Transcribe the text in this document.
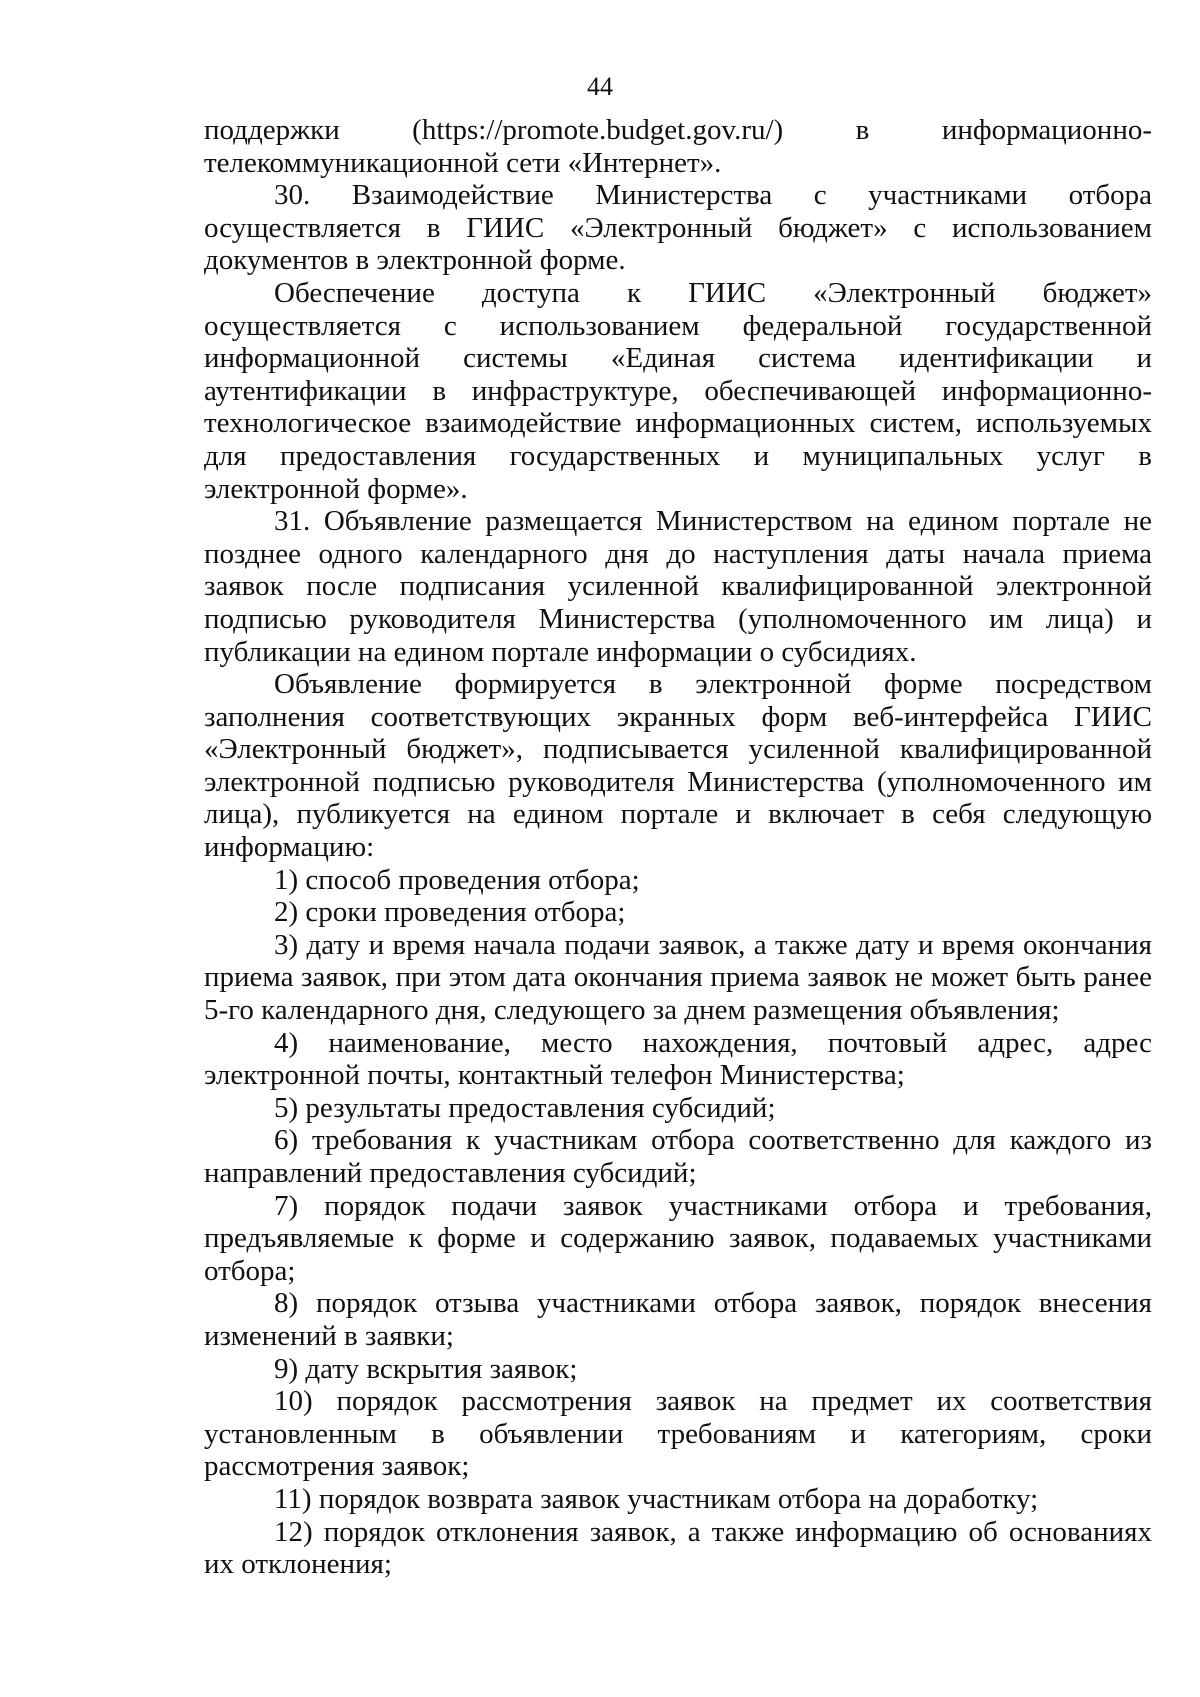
44

поддержки (https://promote.budget.gov.ru/) в информационно-телекоммуникационной сети «Интернет».

30. Взаимодействие Министерства с участниками отбора осуществляется в ГИИС «Электронный бюджет» с использованием документов в электронной форме.

Обеспечение доступа к ГИИС «Электронный бюджет» осуществляется с использованием федеральной государственной информационной системы «Единая система идентификации и аутентификации в инфраструктуре, обеспечивающей информационно-технологическое взаимодействие информационных систем, используемых для предоставления государственных и муниципальных услуг в электронной форме».

31. Объявление размещается Министерством на едином портале не позднее одного календарного дня до наступления даты начала приема заявок после подписания усиленной квалифицированной электронной подписью руководителя Министерства (уполномоченного им лица) и публикации на едином портале информации о субсидиях.

Объявление формируется в электронной форме посредством заполнения соответствующих экранных форм веб-интерфейса ГИИС «Электронный бюджет», подписывается усиленной квалифицированной электронной подписью руководителя Министерства (уполномоченного им лица), публикуется на едином портале и включает в себя следующую информацию:

1) способ проведения отбора;

2) сроки проведения отбора;

3) дату и время начала подачи заявок, а также дату и время окончания приема заявок, при этом дата окончания приема заявок не может быть ранее 5-го календарного дня, следующего за днем размещения объявления;

4) наименование, место нахождения, почтовый адрес, адрес электронной почты, контактный телефон Министерства;

5) результаты предоставления субсидий;

6) требования к участникам отбора соответственно для каждого из направлений предоставления субсидий;

7) порядок подачи заявок участниками отбора и требования, предъявляемые к форме и содержанию заявок, подаваемых участниками отбора;

8) порядок отзыва участниками отбора заявок, порядок внесения изменений в заявки;

9) дату вскрытия заявок;

10) порядок рассмотрения заявок на предмет их соответствия установленным в объявлении требованиям и категориям, сроки рассмотрения заявок;

11) порядок возврата заявок участникам отбора на доработку;

12) порядок отклонения заявок, а также информацию об основаниях их отклонения;
